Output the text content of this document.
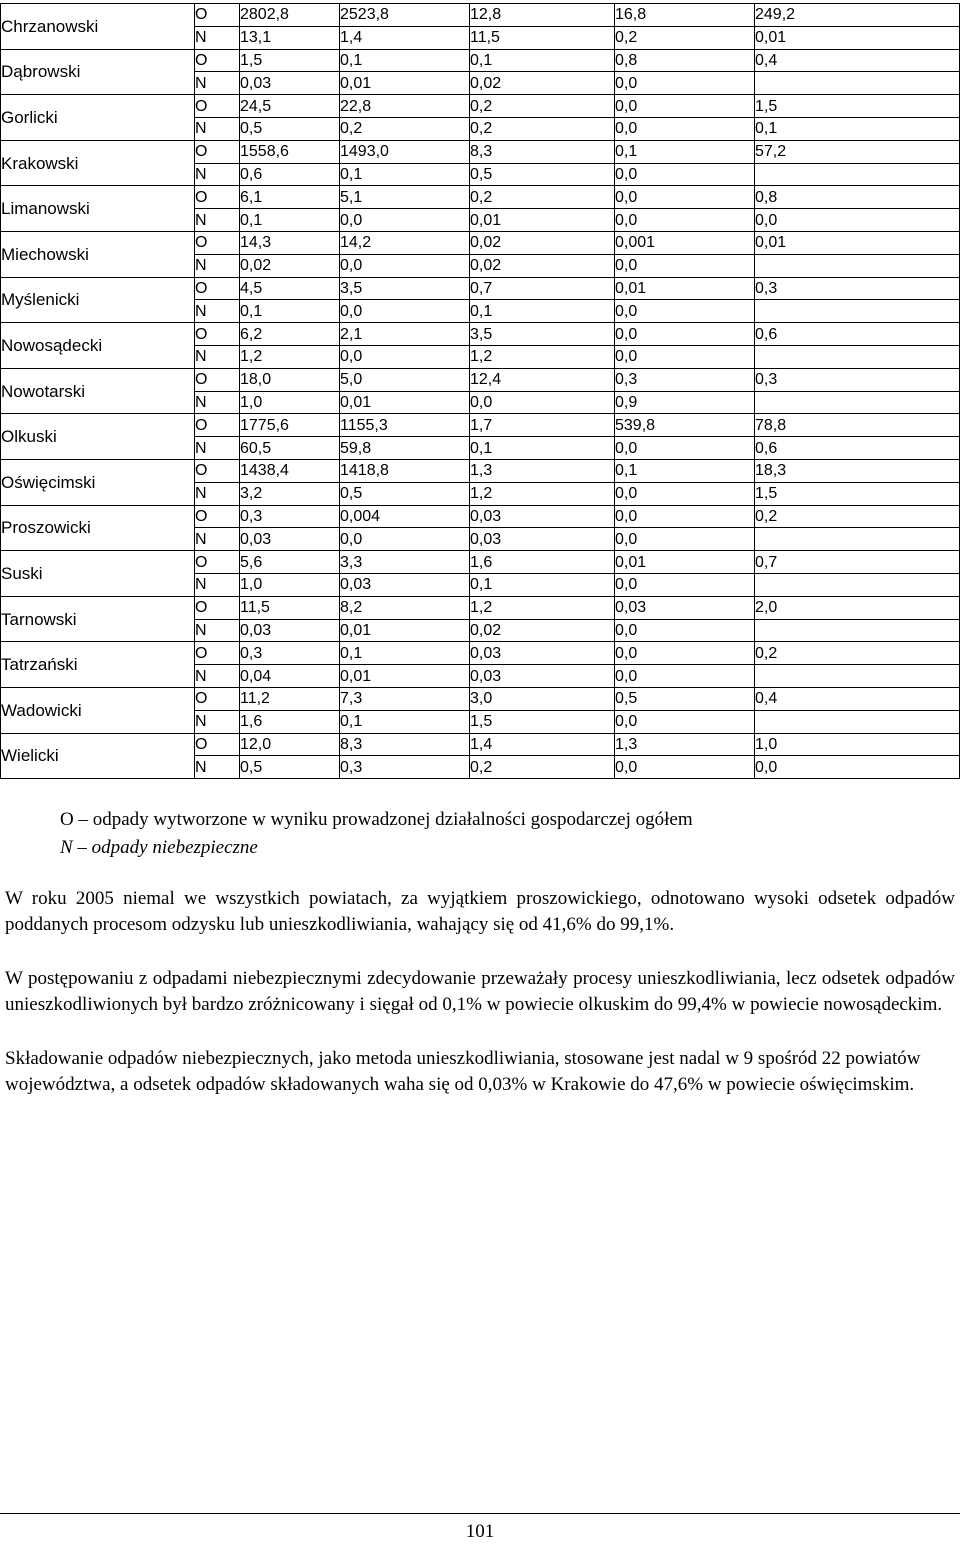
Chrzanowski	O	2802,8	2523,8	12,8	16,8	249,2
	N	13,1	1,4	11,5	0,2	0,01
Dąbrowski	O	1,5	0,1	0,1	0,8	0,4
	N	0,03	0,01	0,02	0,0	
Gorlicki	O	24,5	22,8	0,2	0,0	1,5
	N	0,5	0,2	0,2	0,0	0,1
Krakowski	O	1558,6	1493,0	8,3	0,1	57,2
	N	0,6	0,1	0,5	0,0	
Limanowski	O	6,1	5,1	0,2	0,0	0,8
	N	0,1	0,0	0,01	0,0	0,0
Miechowski	O	14,3	14,2	0,02	0,001	0,01
	N	0,02	0,0	0,02	0,0	
Myślenicki	O	4,5	3,5	0,7	0,01	0,3
	N	0,1	0,0	0,1	0,0	
Nowosądecki	O	6,2	2,1	3,5	0,0	0,6
	N	1,2	0,0	1,2	0,0	
Nowotarski	O	18,0	5,0	12,4	0,3	0,3
	N	1,0	0,01	0,0	0,9	
Olkuski	O	1775,6	1155,3	1,7	539,8	78,8
	N	60,5	59,8	0,1	0,0	0,6
Oświęcimski	O	1438,4	1418,8	1,3	0,1	18,3
	N	3,2	0,5	1,2	0,0	1,5
Proszowicki	O	0,3	0,004	0,03	0,0	0,2
	N	0,03	0,0	0,03	0,0	
Suski	O	5,6	3,3	1,6	0,01	0,7
	N	1,0	0,03	0,1	0,0	
Tarnowski	O	11,5	8,2	1,2	0,03	2,0
	N	0,03	0,01	0,02	0,0	
Tatrzański	O	0,3	0,1	0,03	0,0	0,2
	N	0,04	0,01	0,03	0,0	
Wadowicki	O	11,2	7,3	3,0	0,5	0,4
	N	1,6	0,1	1,5	0,0	
Wielicki	O	12,0	8,3	1,4	1,3	1,0
	N	0,5	0,3	0,2	0,0	0,0
O – odpady wytworzone w wyniku prowadzonej działalności gospodarczej ogółem
N – odpady niebezpieczne

W roku 2005 niemal we wszystkich powiatach, za wyjątkiem proszowickiego, odnotowano wysoki odsetek odpadów poddanych procesom odzysku lub unieszkodliwiania, wahający się od 41,6% do 99,1%.

W postępowaniu z odpadami niebezpiecznymi zdecydowanie przeważały procesy unieszkodliwiania, lecz odsetek odpadów unieszkodliwionych był bardzo zróżnicowany i sięgał od 0,1% w powiecie olkuskim do 99,4% w powiecie nowosądeckim.

Składowanie odpadów niebezpiecznych, jako metoda unieszkodliwiania, stosowane jest nadal w 9 spośród 22 powiatów województwa, a odsetek odpadów składowanych waha się od 0,03% w Krakowie do 47,6% w powiecie oświęcimskim.

101
